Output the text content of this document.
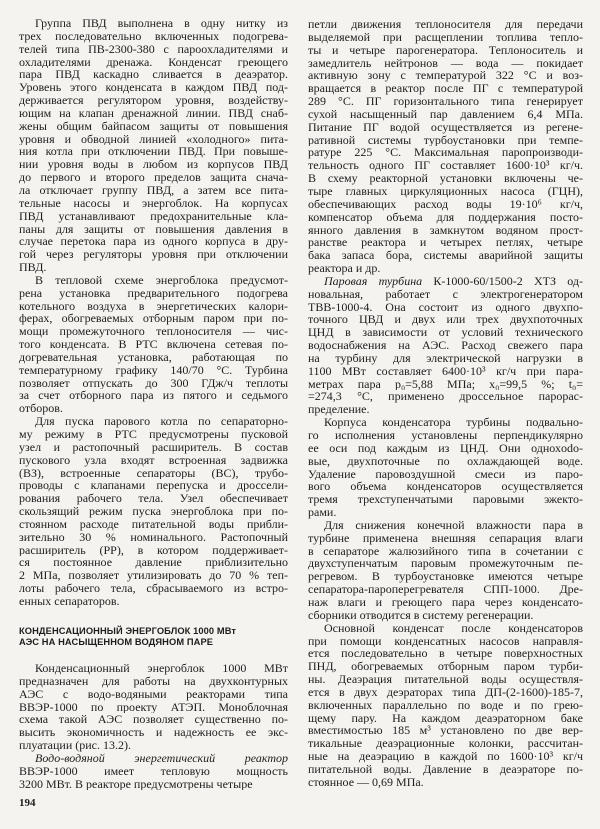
Группа ПВД выполнена в одну нитку из
трех последовательно включенных подогрева-
телей типа ПВ-2300-380 с пароохладителями и
охладителями дренажа. Конденсат греющего
пара ПВД каскадно сливается в деаэратор.
Уровень этого конденсата в каждом ПВД под-
держивается регулятором уровня, воздейству-
ющим на клапан дренажной линии. ПВД снаб-
жены общим байпасом защиты от повышения
уровня и обводной линией «холодного» пита-
ния котла при отключении ПВД. При повыше-
нии уровня воды в любом из корпусов ПВД
до первого и второго пределов защита снача-
ла отключает группу ПВД, а затем все пита-
тельные насосы и энергоблок. На корпусах
ПВД устанавливают предохранительные кла-
паны для защиты от повышения давления в
случае перетока пара из одного корпуса в дру-
гой через регуляторы уровня при отключении
ПВД.
В тепловой схеме энергоблока предусмот-
рена установка предварительного подогрева
котельного воздуха в энергетических калори-
ферах, обогреваемых отборным паром при по-
мощи промежуточного теплоносителя — чис-
того конденсата. В РТС включена сетевая по-
догревательная установка, работающая по
температурному графику 140/70 °С. Турбина
позволяет отпускать до 300 ГДж/ч теплоты
за счет отборного пара из пятого и седьмого
отборов.
Для пуска парового котла по сепараторно-
му режиму в РТС предусмотрены пусковой
узел и растопочный расширитель. В состав
пускового узла входят встроенная задвижка
(ВЗ), встроенные сепараторы (ВС), трубо-
проводы с клапанами перепуска и дроссели-
рования рабочего тела. Узел обеспечивает
скользящий режим пуска энергоблока при по-
стоянном расходе питательной воды прибли-
зительно 30 % номинального. Растопочный
расширитель (РР), в котором поддерживает-
ся постоянное давление приблизительно
2 МПа, позволяет утилизировать до 70 % теп-
лоты рабочего тела, сбрасываемого из встро-
енных сепараторов.
КОНДЕНСАЦИОННЫЙ ЭНЕРГОБЛОК 1000 МВт
АЭС НА НАСЫЩЕННОМ ВОДЯНОМ ПАРЕ
Конденсационный энергоблок 1000 МВт
предназначен для работы на двухконтурных
АЭС с водо-водяными реакторами типа
ВВЭР-1000 по проекту АТЭП. Моноблочная
схема такой АЭС позволяет существенно по-
высить экономичность и надежность ее экс-
плуатации (рис. 13.2).
Водо-водяной энергетический реактор
ВВЭР-1000 имеет тепловую мощность
3200 МВт. В реакторе предусмотрены четыре
петли движения теплоносителя для передачи
выделяемой при расщеплении топлива тепло-
ты и четыре парогенератора. Теплоноситель и
замедлитель нейтронов — вода — покидает
активную зону с температурой 322 °С и воз-
вращается в реактор после ПГ с температурой
289 °С. ПГ горизонтального типа генерирует
сухой насыщенный пар давлением 6,4 МПа.
Питание ПГ водой осуществляется из регене-
ративной системы турбоустановки при темпе-
ратуре 225 °С. Максимальная паропроизводи-
тельность одного ПГ составляет 1600·10³ кг/ч.
В схему реакторной установки включены че-
тыре главных циркуляционных насоса (ГЦН),
обеспечивающих расход воды 19·10⁶ кг/ч,
компенсатор объема для поддержания посто-
янного давления в замкнутом водяном прост-
ранстве реактора и четырех петлях, четыре
бака запаса бора, системы аварийной защиты
реактора и др.
Паровая турбина К-1000-60/1500-2 ХТЗ од-
новальная, работает с электрогенератором
ТВВ-1000-4. Она состоит из одного двухпо-
точного ЦВД и двух или трех двухпоточных
ЦНД в зависимости от условий технического
водоснабжения на АЭС. Расход свежего пара
на турбину для электрической нагрузки в
1100 МВт составляет 6400·10³ кг/ч при пара-
метрах пара p₀=5,88 МПа; x₀=99,5 %; t₀=
=274,3 °С, применено дроссельное парорас-
пределение.
Корпуса конденсатора турбины подвально-
го исполнения установлены перпендикулярно
ее оси под каждым из ЦНД. Они однохodo-
вые, двухпоточные по охлаждающей воде.
Удаление паровоздушной смеси из паро-
вого объема конденсаторов осуществляется
тремя трехступенчатыми паровыми эжекто-
рами.
Для снижения конечной влажности пара в
турбине применена внешняя сепарация влаги
в сепараторе жалюзийного типа в сочетании с
двухступенчатым паровым промежуточным пе-
регревом. В турбоустановке имеются четыре
сепаратора-пароперегревателя СПП-1000. Дре-
наж влаги и греющего пара через конденсато-
сборники отводится в систему регенерации.
Основной конденсат после конденсаторов
при помощи конденсатных насосов направля-
ется последовательно в четыре поверхностных
ПНД, обогреваемых отборным паром турби-
ны. Деаэрация питательной воды осуществля-
ется в двух деэраторах типа ДП-(2-1600)-185-7,
включенных параллельно по воде и по грею-
щему пару. На каждом деаэраторном баке
вместимостью 185 м³ установлено по две вер-
тикальные деаэрационные колонки, рассчитан-
ные на деаэрацию в каждой по 1600·10³ кг/ч
питательной воды. Давление в деаэраторе по-
стоянное — 0,69 МПа.
194
